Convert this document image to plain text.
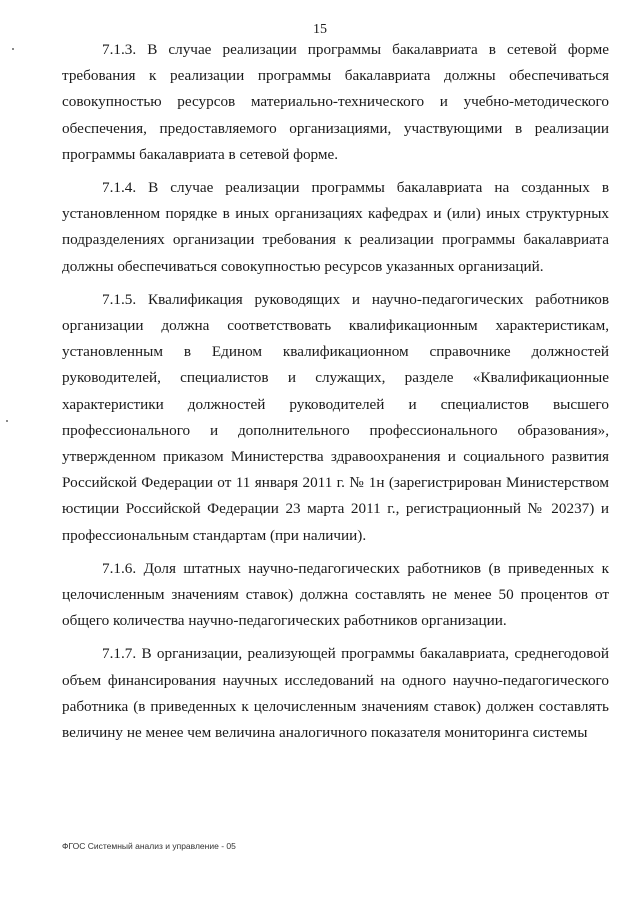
15

7.1.3. В случае реализации программы бакалавриата в сетевой форме требования к реализации программы бакалавриата должны обеспечиваться совокупностью ресурсов материально-технического и учебно-методического обеспечения, предоставляемого организациями, участвующими в реализации программы бакалавриата в сетевой форме.

7.1.4. В случае реализации программы бакалавриата на созданных в установленном порядке в иных организациях кафедрах и (или) иных структурных подразделениях организации требования к реализации программы бакалавриата должны обеспечиваться совокупностью ресурсов указанных организаций.

7.1.5. Квалификация руководящих и научно-педагогических работников организации должна соответствовать квалификационным характеристикам, установленным в Едином квалификационном справочнике должностей руководителей, специалистов и служащих, разделе «Квалификационные характеристики должностей руководителей и специалистов высшего профессионального и дополнительного профессионального образования», утвержденном приказом Министерства здравоохранения и социального развития Российской Федерации от 11 января 2011 г. № 1н (зарегистрирован Министерством юстиции Российской Федерации 23 марта 2011 г., регистрационный № 20237) и профессиональным стандартам (при наличии).

7.1.6. Доля штатных научно-педагогических работников (в приведенных к целочисленным значениям ставок) должна составлять не менее 50 процентов от общего количества научно-педагогических работников организации.

7.1.7. В организации, реализующей программы бакалавриата, среднегодовой объем финансирования научных исследований на одного научно-педагогического работника (в приведенных к целочисленным значениям ставок) должен составлять величину не менее чем величина аналогичного показателя мониторинга системы

ФГОС Системный анализ и управление - 05
